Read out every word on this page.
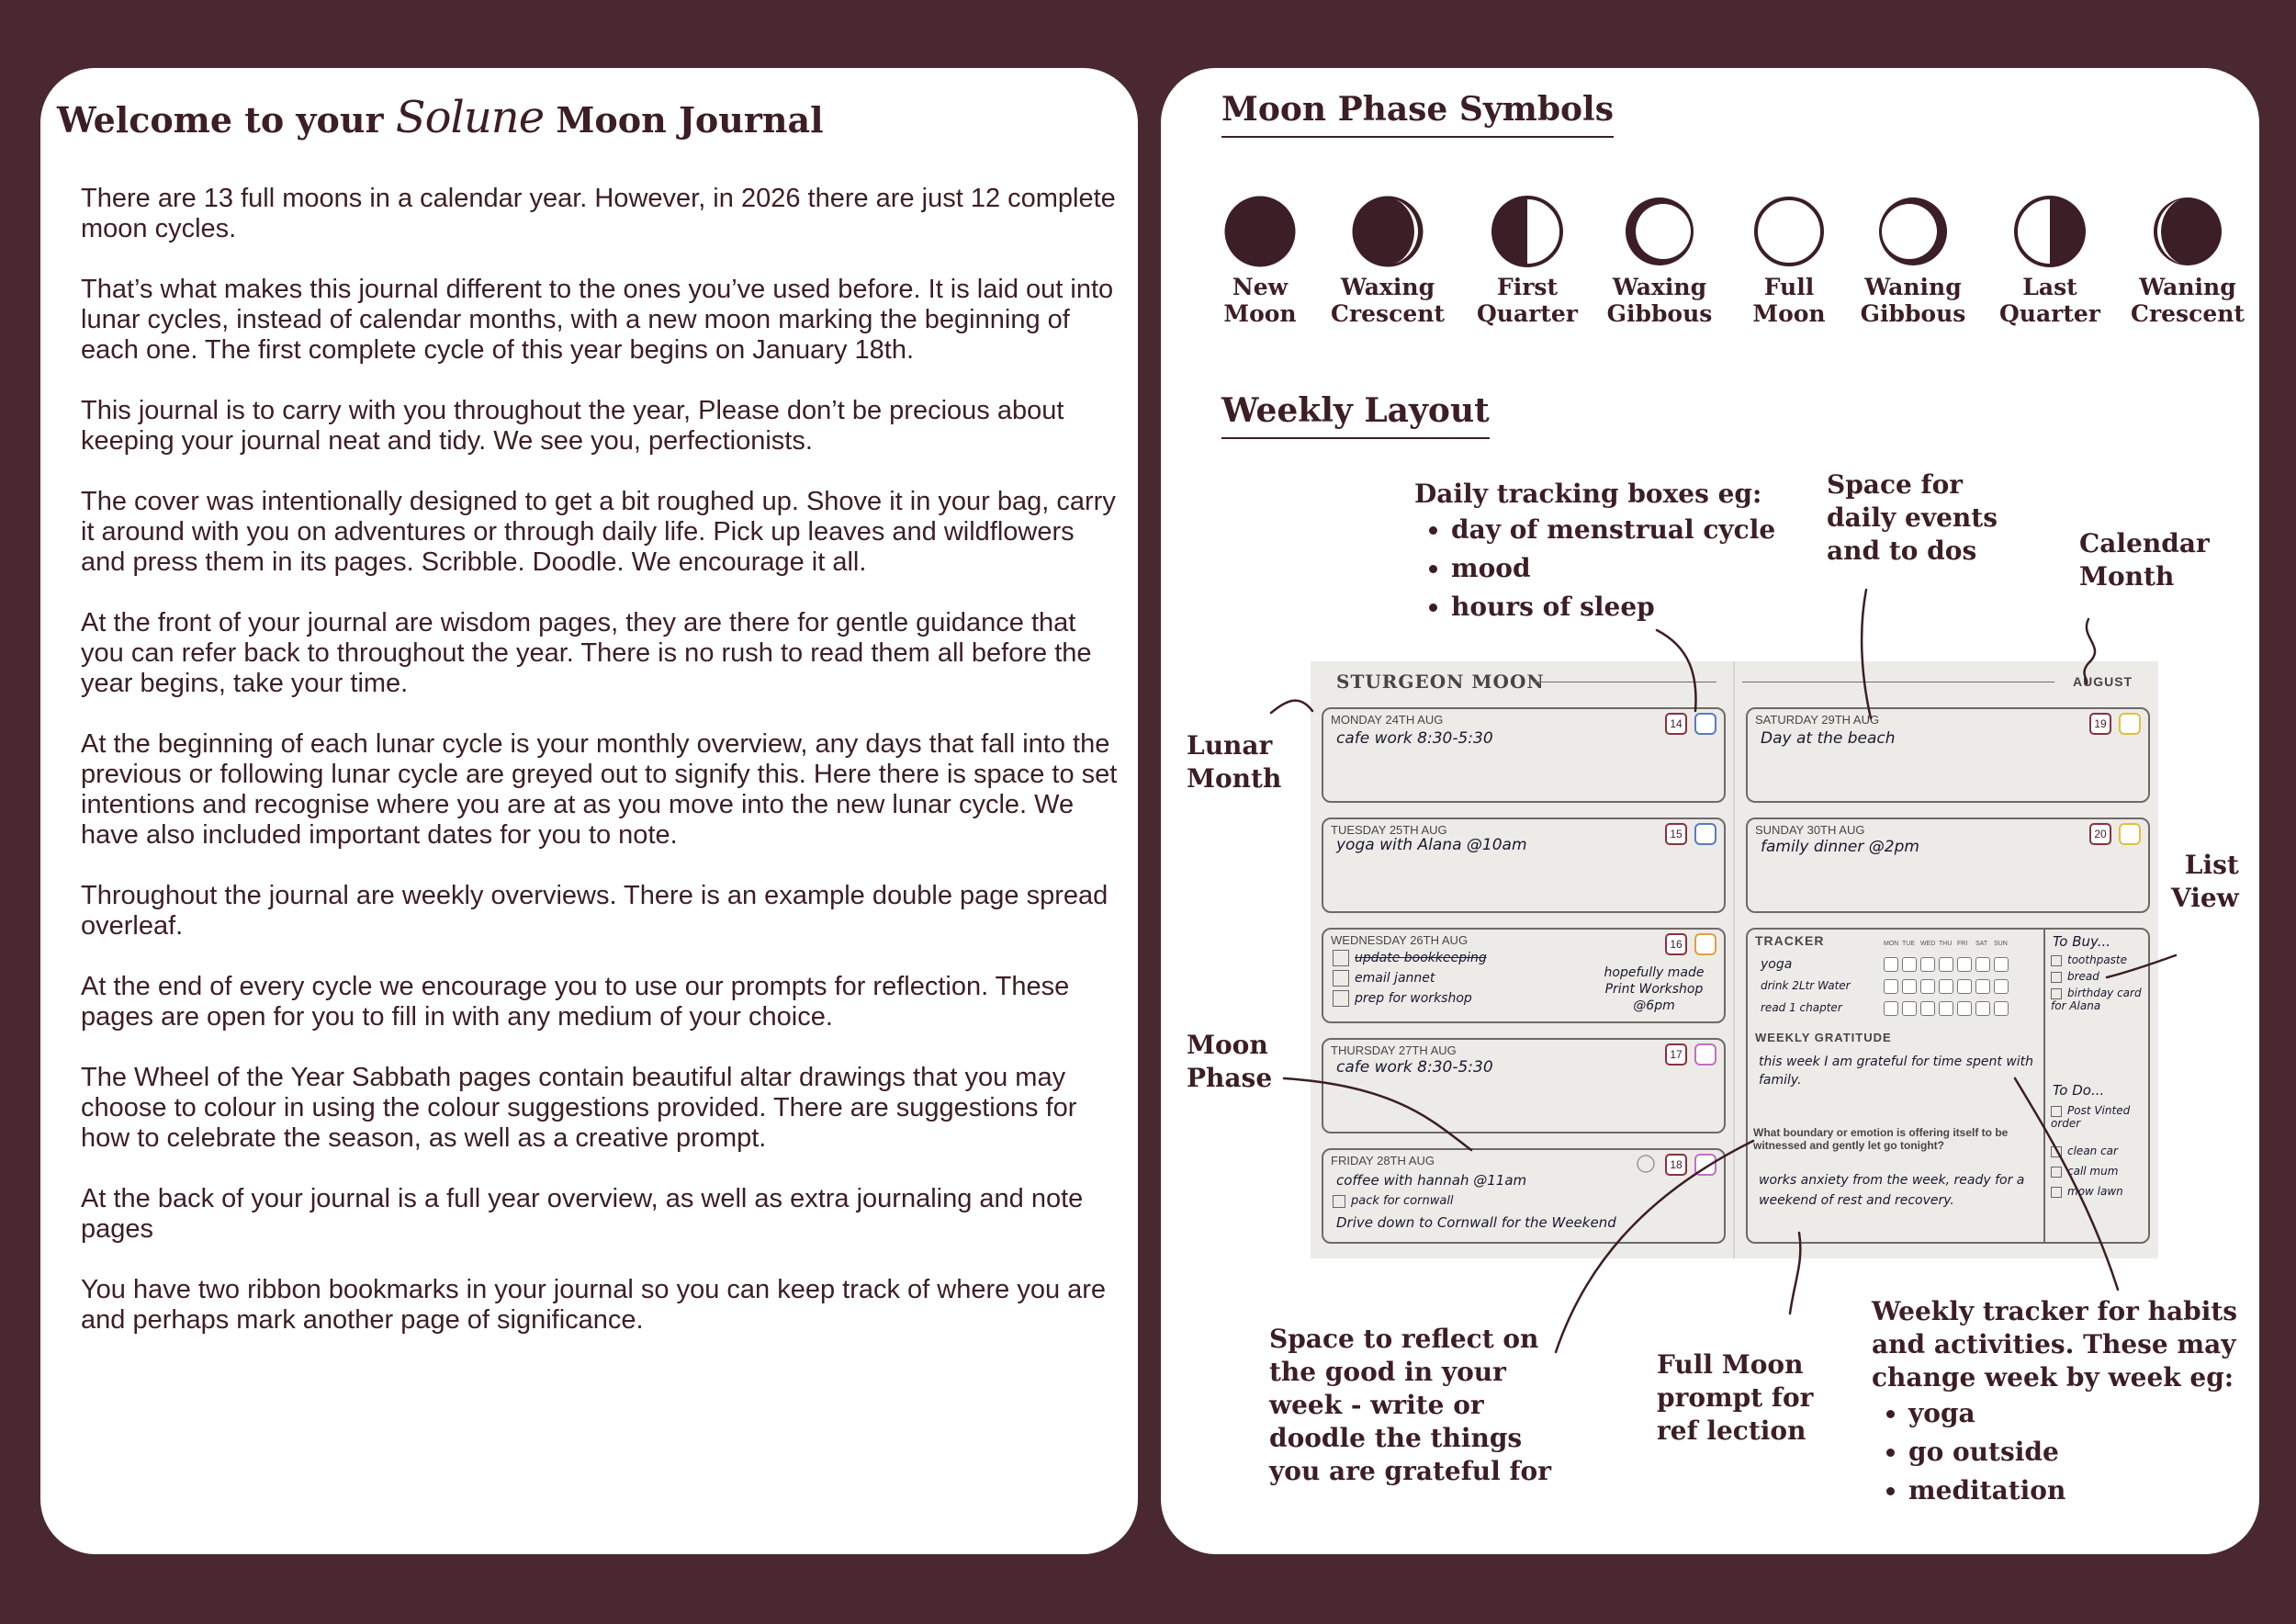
Welcome to your Solune Moon Journal

There are 13 full moons in a calendar year. However, in 2026 there are just 12 complete moon cycles.

That’s what makes this journal different to the ones you’ve used before. It is laid out into lunar cycles, instead of calendar months, with a new moon marking the beginning of each one. The first complete cycle of this year begins on January 18th.

This journal is to carry with you throughout the year, Please don’t be precious about keeping your journal neat and tidy. We see you, perfectionists.

The cover was intentionally designed to get a bit roughed up. Shove it in your bag, carry it around with you on adventures or through daily life. Pick up leaves and wildflowers and press them in its pages. Scribble. Doodle. We encourage it all.

At the front of your journal are wisdom pages, they are there for gentle guidance that you can refer back to throughout the year. There is no rush to read them all before the year begins, take your time.

At the beginning of each lunar cycle is your monthly overview, any days that fall into the previous or following lunar cycle are greyed out to signify this. Here there is space to set intentions and recognise where you are at as you move into the new lunar cycle. We have also included important dates for you to note.

Throughout the journal are weekly overviews. There is an example double page spread overleaf.

At the end of every cycle we encourage you to use our prompts for reflection. These pages are open for you to fill in with any medium of your choice.

The Wheel of the Year Sabbath pages contain beautiful altar drawings that you may choose to colour in using the colour suggestions provided. There are suggestions for how to celebrate the season, as well as a creative prompt.

At the back of your journal is a full year overview, as well as extra journaling and note pages

You have two ribbon bookmarks in your journal so you can keep track of where you are and perhaps mark another page of significance.

Moon Phase Symbols
New
Moon
Waxing
Crescent
First
Quarter
Waxing
Gibbous
Full
Moon
Waning
Gibbous
Last
Quarter
Waning
Crescent
Weekly Layout
Daily tracking boxes eg:
• day of menstrual cycle
• mood
• hours of sleep
Space for
daily events
and to dos	Calendar
Month
Lunar
Month
List
View
Moon
Phase
Space to reflect on
the good in your
week - write or
doodle the things
you are grateful for
Full Moon
prompt for
ref lection
Weekly tracker for habits
and activities. These may
change week by week eg:
• yoga
• go outside
• meditation
STURGEON MOON	AUGUST
MONDAY 24TH AUG
cafe work 8:30-5:30
14
TUESDAY 25TH AUG
yoga with Alana @10am
15
WEDNESDAY 26TH AUG
update bookkeeping
email jannet
prep for workshop
hopefully made Print Workshop @6pm
16
THURSDAY 27TH AUG
cafe work 8:30-5:30
17
FRIDAY 28TH AUG
coffee with hannah @11am
pack for cornwall
Drive down to Cornwall for the Weekend
18
SATURDAY 29TH AUG
Day at the beach
19
SUNDAY 30TH AUG
family dinner @2pm
20
TRACKER
yoga
drink 2Ltr Water
read 1 chapter
MON TUE WED THU FRI SAT SUN
WEEKLY GRATITUDE
this week I am grateful for time spent with family.
What boundary or emotion is offering itself to be witnessed and gently let go tonight?
works anxiety from the week, ready for a weekend of rest and recovery.
To Buy...
toothpaste
bread
birthday card for Alana
To Do...
Post Vinted order
clean car
call mum
mow lawn
